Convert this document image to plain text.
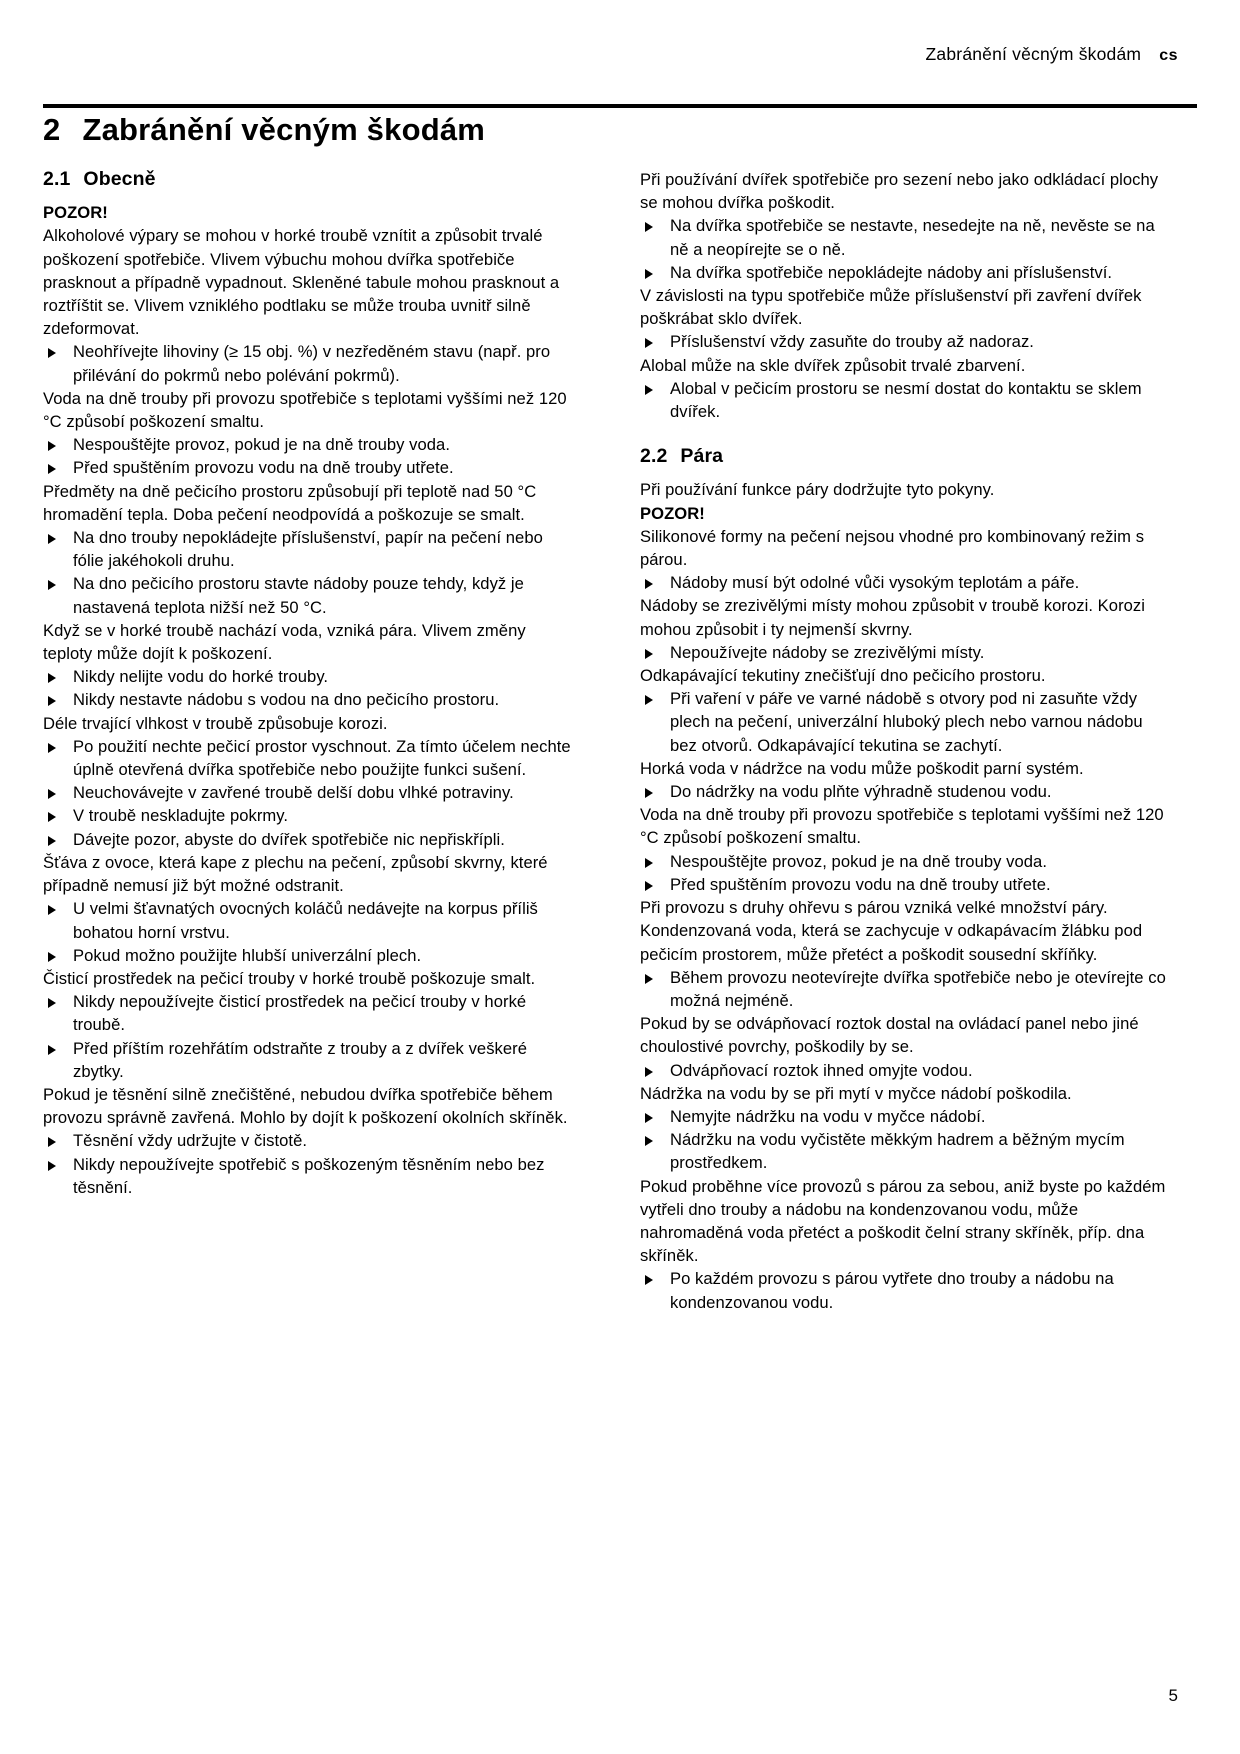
Zabránění věcným škodám cs
2 Zabránění věcným škodám
2.1 Obecně

POZOR!

Alkoholové výpary se mohou v horké troubě vznítit a způsobit trvalé poškození spotřebiče. Vlivem výbuchu mohou dvířka spotřebiče prasknout a případně vypadnout. Skleněné tabule mohou prasknout a roztříštit se. Vlivem vzniklého podtlaku se může trouba uvnitř silně zdeformovat.

Neohřívejte lihoviny (≥ 15 obj. %) v nezředěném stavu (např. pro přilévání do pokrmů nebo polévání pokrmů).

Voda na dně trouby při provozu spotřebiče s teplotami vyššími než 120 °C způsobí poškození smaltu.

Nespouštějte provoz, pokud je na dně trouby voda.
Před spuštěním provozu vodu na dně trouby utřete.

Předměty na dně pečicího prostoru způsobují při teplotě nad 50 °C hromadění tepla. Doba pečení neodpovídá a poškozuje se smalt.

Na dno trouby nepokládejte příslušenství, papír na pečení nebo fólie jakéhokoli druhu.
Na dno pečicího prostoru stavte nádoby pouze tehdy, když je nastavená teplota nižší než 50 °C.

Když se v horké troubě nachází voda, vzniká pára. Vlivem změny teploty může dojít k poškození.

Nikdy nelijte vodu do horké trouby.
Nikdy nestavte nádobu s vodou na dno pečicího prostoru.

Déle trvající vlhkost v troubě způsobuje korozi.

Po použití nechte pečicí prostor vyschnout. Za tímto účelem nechte úplně otevřená dvířka spotřebiče nebo použijte funkci sušení.
Neuchovávejte v zavřené troubě delší dobu vlhké potraviny.
V troubě neskladujte pokrmy.
Dávejte pozor, abyste do dvířek spotřebiče nic nepřiskřípli.

Šťáva z ovoce, která kape z plechu na pečení, způsobí skvrny, které případně nemusí již být možné odstranit.

U velmi šťavnatých ovocných koláčů nedávejte na korpus příliš bohatou horní vrstvu.
Pokud možno použijte hlubší univerzální plech.

Čisticí prostředek na pečicí trouby v horké troubě poškozuje smalt.

Nikdy nepoužívejte čisticí prostředek na pečicí trouby v horké troubě.
Před příštím rozehřátím odstraňte z trouby a z dvířek veškeré zbytky.

Pokud je těsnění silně znečištěné, nebudou dvířka spotřebiče během provozu správně zavřená. Mohlo by dojít k poškození okolních skříněk.

Těsnění vždy udržujte v čistotě.
Nikdy nepoužívejte spotřebič s poškozeným těsněním nebo bez těsnění.

Při používání dvířek spotřebiče pro sezení nebo jako odkládací plochy se mohou dvířka poškodit.

Na dvířka spotřebiče se nestavte, nesedejte na ně, nevěste se na ně a neopírejte se o ně.
Na dvířka spotřebiče nepokládejte nádoby ani příslušenství.

V závislosti na typu spotřebiče může příslušenství při zavření dvířek poškrábat sklo dvířek.

Příslušenství vždy zasuňte do trouby až nadoraz.

Alobal může na skle dvířek způsobit trvalé zbarvení.

Alobal v pečicím prostoru se nesmí dostat do kontaktu se sklem dvířek.
2.2 Pára

Při používání funkce páry dodržujte tyto pokyny.

POZOR!

Silikonové formy na pečení nejsou vhodné pro kombinovaný režim s párou.

Nádoby musí být odolné vůči vysokým teplotám a páře.

Nádoby se zrezivělými místy mohou způsobit v troubě korozi. Korozi mohou způsobit i ty nejmenší skvrny.

Nepoužívejte nádoby se zrezivělými místy.

Odkapávající tekutiny znečišťují dno pečicího prostoru.

Při vaření v páře ve varné nádobě s otvory pod ni zasuňte vždy plech na pečení, univerzální hluboký plech nebo varnou nádobu bez otvorů. Odkapávající tekutina se zachytí.

Horká voda v nádržce na vodu může poškodit parní systém.

Do nádržky na vodu plňte výhradně studenou vodu.

Voda na dně trouby při provozu spotřebiče s teplotami vyššími než 120 °C způsobí poškození smaltu.

Nespouštějte provoz, pokud je na dně trouby voda.
Před spuštěním provozu vodu na dně trouby utřete.

Při provozu s druhy ohřevu s párou vzniká velké množství páry. Kondenzovaná voda, která se zachycuje v odkapávacím žlábku pod pečicím prostorem, může přetéct a poškodit sousední skříňky.

Během provozu neotevírejte dvířka spotřebiče nebo je otevírejte co možná nejméně.

Pokud by se odvápňovací roztok dostal na ovládací panel nebo jiné choulostivé povrchy, poškodily by se.

Odvápňovací roztok ihned omyjte vodou.

Nádržka na vodu by se při mytí v myčce nádobí poškodila.

Nemyjte nádržku na vodu v myčce nádobí.
Nádržku na vodu vyčistěte měkkým hadrem a běžným mycím prostředkem.

Pokud proběhne více provozů s párou za sebou, aniž byste po každém vytřeli dno trouby a nádobu na kondenzovanou vodu, může nahromaděná voda přetéct a poškodit čelní strany skříněk, příp. dna skříněk.

Po každém provozu s párou vytřete dno trouby a nádobu na kondenzovanou vodu.
5
